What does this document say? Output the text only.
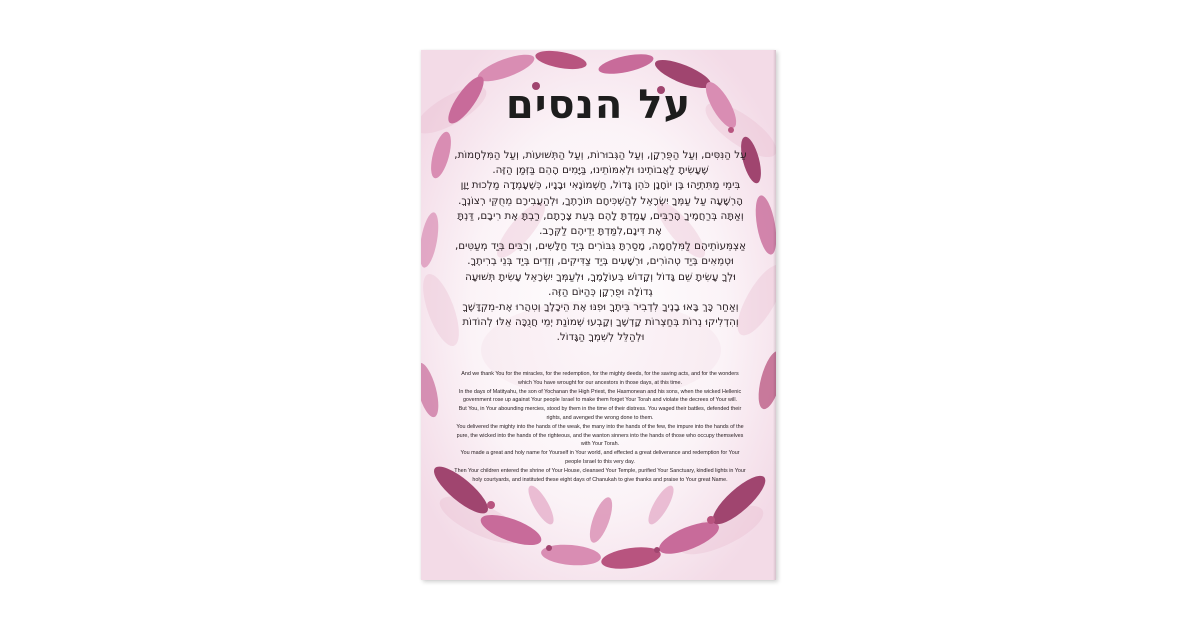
על הנסים

עַל הַנִּסִּים, וְעַל הַפֻּרְקָן, וְעַל הַגְּבוּרוֹת, וְעַל הַתְּשׁוּעוֹת, וְעַל הַמִּלְחָמוֹת, שֶׁעָשִׂיתָ לַאֲבוֹתֵינוּ וּלְאִמּוֹתֵינוּ, בַּיָּמִים הָהֵם בַּזְּמַן הַזֶּה.

בִּימֵי מַתִּתְיָהוּ בֶּן יוֹחָנָן כֹּהֵן גָּדוֹל, חַשְׁמוֹנָאִי וּבָנָיו, כְּשֶׁעָמְדָה מַלְכוּת יָוָן הָרְשָׁעָה עַל עַמְּךָ יִשְׂרָאֵל לְהַשְׁכִּיחָם תּוֹרָתֶךָ, וּלְהַעֲבִירָם מֵחֻקֵּי רְצוֹנֶךָ.

וְאַתָּה בְּרַחֲמֶיךָ הָרַבִּים, עָמַדְתָּ לָהֶם בְּעֵת צָרָתָם, רַבְתָּ אֶת רִיבָם, דַּנְתָּ אֶת דִּינָם,לִמַּדְתָּ יְדֵיהֶם לַקְּרָב.

אַצְמֵּעוֹתֵיהֶם לַמִּלְחָמָה, מָסַרְתָּ גִּבּוֹרִים בְּיַד חַלָּשִׁים, וְרַבִּים בְּיַד מְעַטִּים, וּטְמֵאִים בְּיַד טְהוֹרִים, וּרְשָׁעִים בְּיַד צַדִּיקִים, וְזֵדִים בְּיַד בְּנֵי בְרִיתֶךָ.

וּלְךָ עָשִׂיתָ שֵׁם גָּדוֹל וְקָדוֹשׁ בְּעוֹלָמֶךָ, וּלְעַמְּךָ יִשְׂרָאֵל עָשִׂיתָ תְּשׁוּעָה גְדוֹלָה וּפֻרְקָן כְּהַיּוֹם הַזֶּה.

וְאַחַר כָּךְ בָּאוּ בָנֶיךָ לִדְבִיר בֵּיתֶךָ וּפִנּוּ אֶת הֵיכָלֶךָ וְטִהֲרוּ אֶת-מִקְדָּשֶׁךָ וְהִדְלִיקוּ נֵרוֹת בְּחַצְרוֹת קָדְשֶׁךָ וְקָבְעוּ שְׁמוֹנַת יְמֵי חֲנֻכָּה אֵלּוּ לְהוֹדוֹת וּלְהַלֵּל לְשִׁמְךָ הַגָּדוֹל.

And we thank You for the miracles, for the redemption, for the mighty deeds, for the saving acts, and for the wonders which You have wrought for our ancestors in those days, at this time.

In the days of Matityahu, the son of Yochanan the High Priest, the Hasmonean and his sons, when the wicked Hellenic government rose up against Your people Israel to make them forget Your Torah and violate the decrees of Your will.

But You, in Your abounding mercies, stood by them in the time of their distress. You waged their battles, defended their rights, and avenged the wrong done to them.

You delivered the mighty into the hands of the weak, the many into the hands of the few, the impure into the hands of the pure, the wicked into the hands of the righteous, and the wanton sinners into the hands of those who occupy themselves with Your Torah.

You made a great and holy name for Yourself in Your world, and effected a great deliverance and redemption for Your people Israel to this very day.

Then Your children entered the shrine of Your House, cleansed Your Temple, purified Your Sanctuary, kindled lights in Your holy courtyards, and instituted these eight days of Chanukah to give thanks and praise to Your great Name.
